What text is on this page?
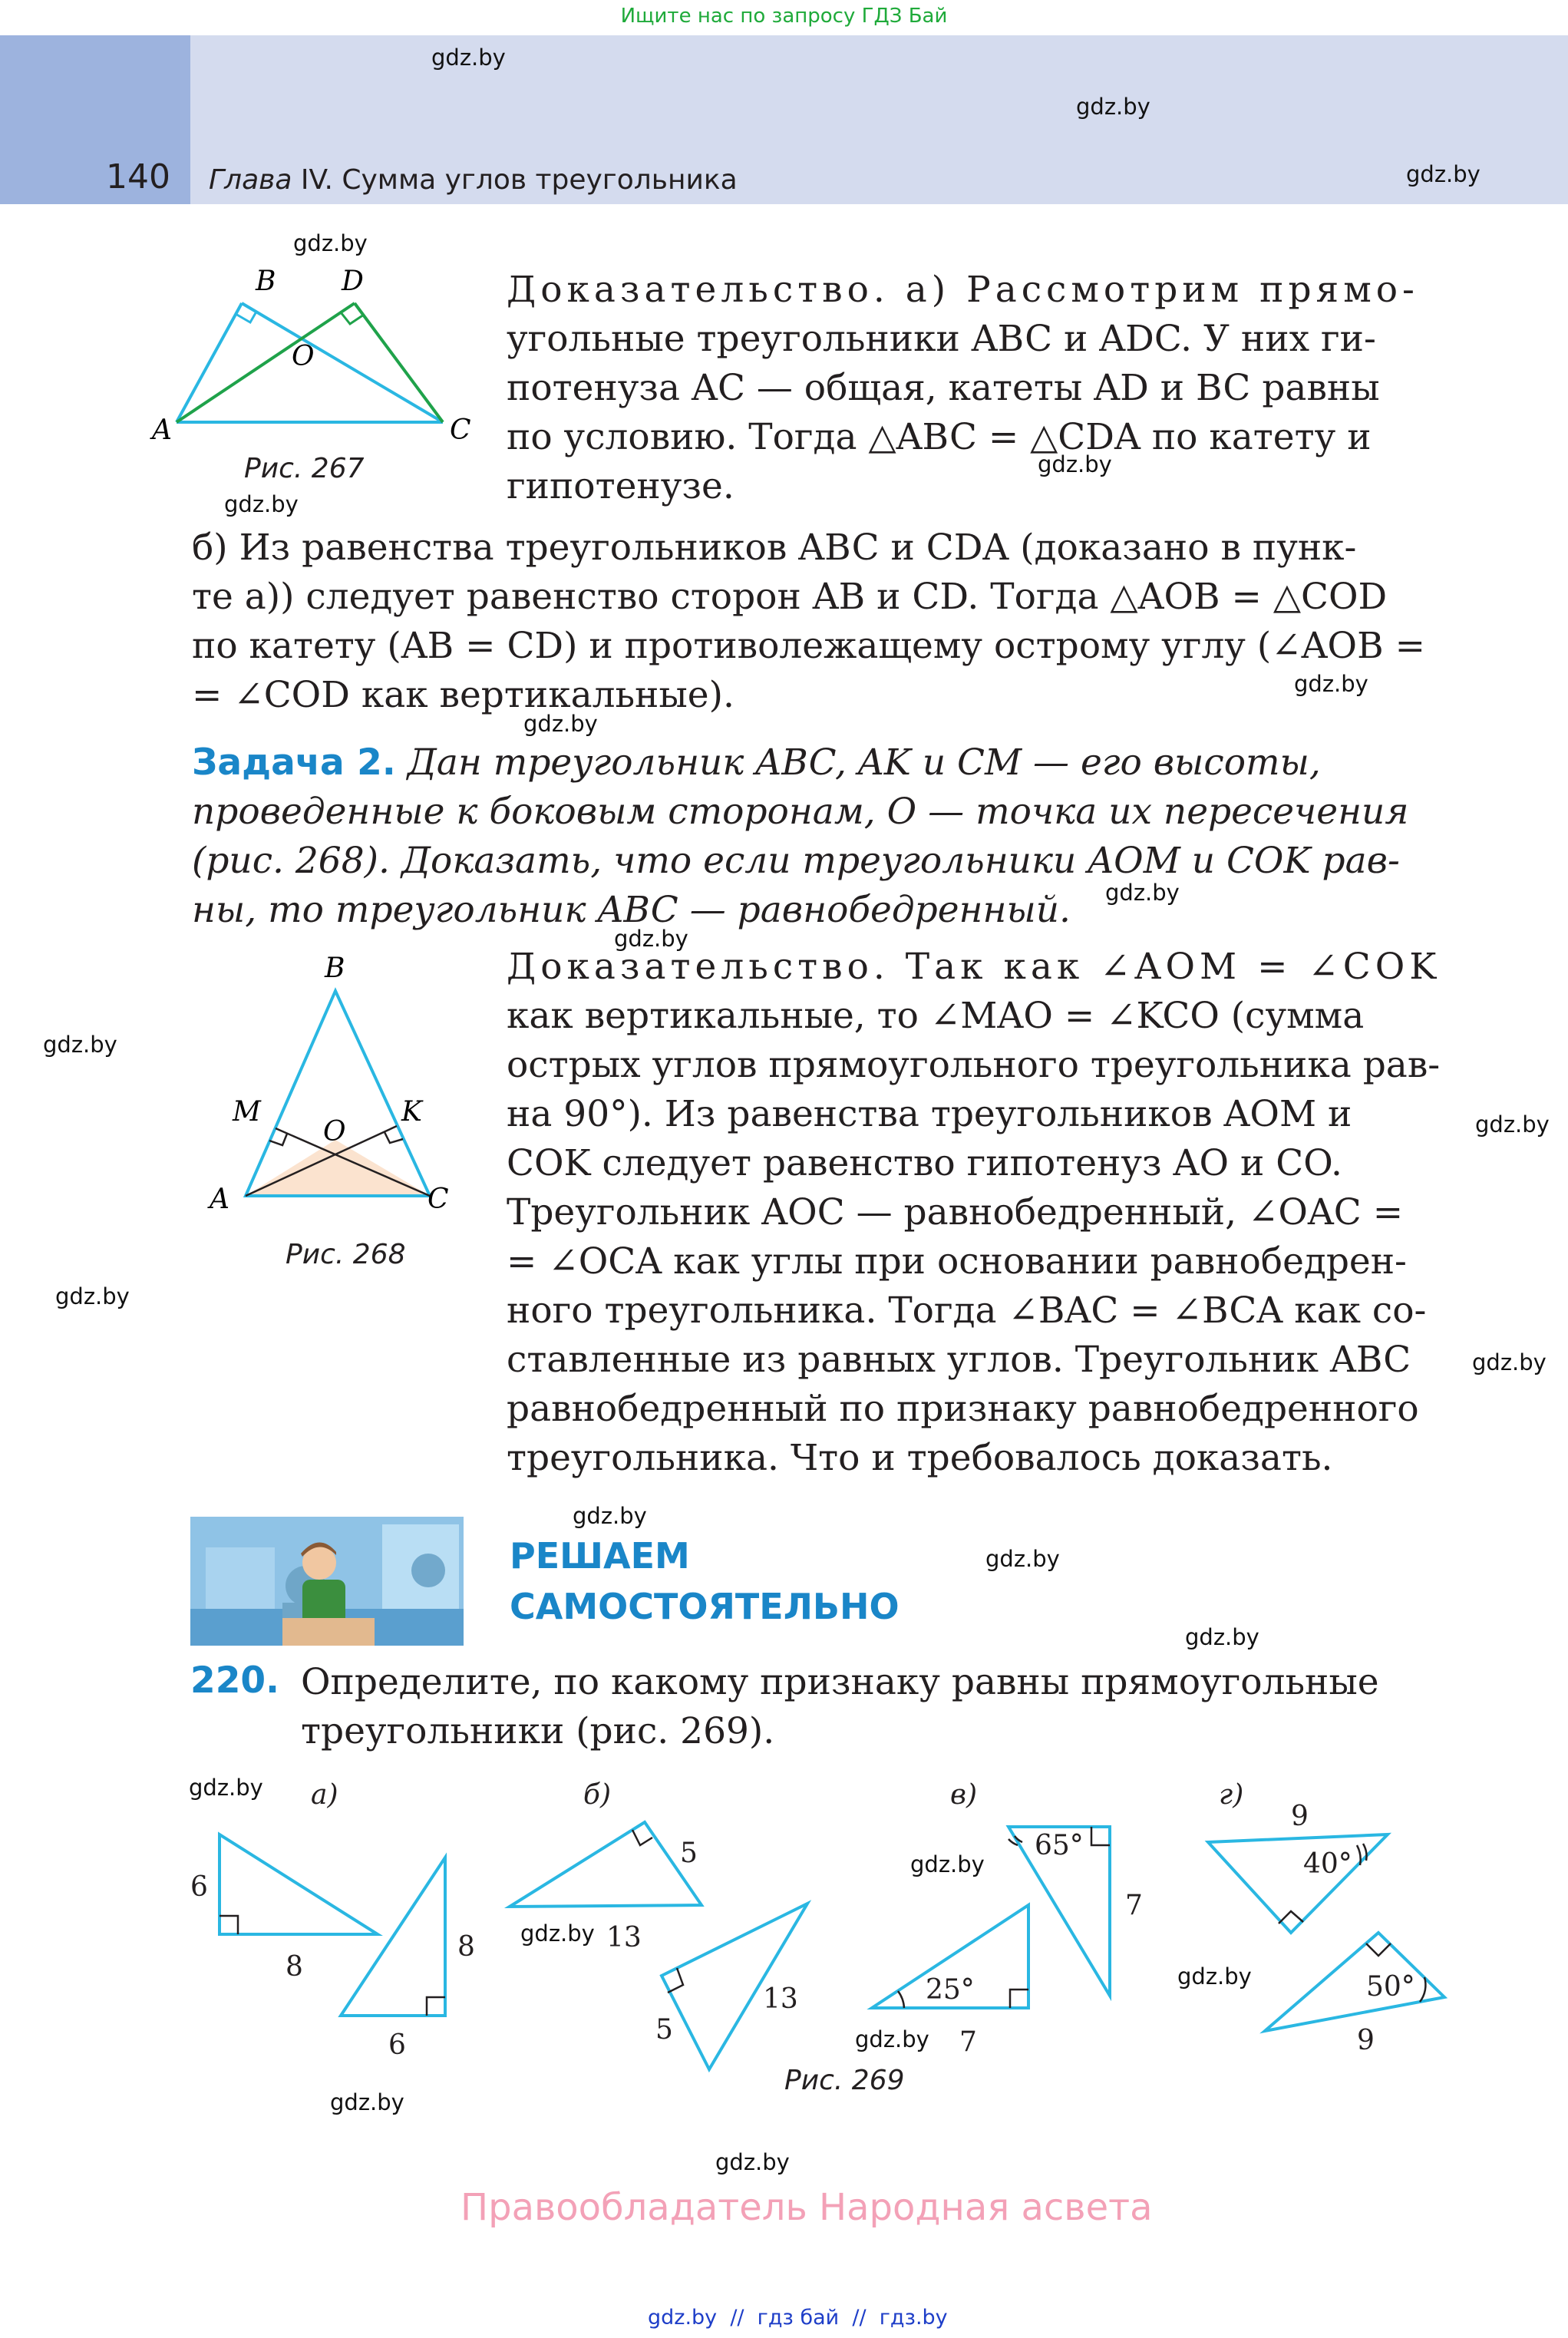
Ищите нас по запросу ГДЗ Бай
140 Глава IV. Сумма углов треугольника
gdz.by
gdz.by
gdz.by
gdz.by
gdz.by
gdz.by
gdz.by
gdz.by
gdz.by
gdz.by
gdz.by
gdz.by
gdz.by
gdz.by
gdz.by
gdz.by
gdz.by
gdz.by
gdz.by
gdz.by
gdz.by
gdz.by
gdz.by
gdz.by
A
B
C
D
O
Рис. 267
Доказательство. а) Рассмотрим прямо-
угольные треугольники ABC и ADC. У них ги-
потенуза AC — общая, катеты AD и BC равны
по условию. Тогда △ABC = △CDA по катету и
гипотенузе.
б) Из равенства треугольников ABC и CDA (доказано в пунк-
те а)) следует равенство сторон AB и CD. Тогда △AOB = △COD
по катету (AB = CD) и противолежащему острому углу (∠AOB =
= ∠COD как вертикальные).
Задача 2. Дан треугольник ABC, AK и CM — его высоты,
проведенные к боковым сторонам, O — точка их пересечения
(рис. 268). Доказать, что если треугольники AOM и COK рав-
ны, то треугольник ABC — равнобедренный.
B
M	K
O
A	C
Рис. 268
Доказательство. Так как ∠AOM = ∠COK
как вертикальные, то ∠MAO = ∠KCO (сумма
острых углов прямоугольного треугольника рав-
на 90°). Из равенства треугольников AOM и
COK следует равенство гипотенуз AO и CO.
Треугольник AOC — равнобедренный, ∠OAC =
= ∠OCA как углы при основании равнобедрен-
ного треугольника. Тогда ∠BAC = ∠BCA как со-
ставленные из равных углов. Треугольник ABC
равнобедренный по признаку равнобедренного
треугольника. Что и требовалось доказать.
РЕШАЕМ
САМОСТОЯТЕЛЬНО
220. Определите, по какому признаку равны прямоугольные
треугольники (рис. 269).
а)	б)	в)	г)
6
8
8
6
5
13
5
13	25°
7
65°
7
9
40°
50°
9
Рис. 269
Правообладатель Народная асвета
gdz.by  //  гдз бай  //  гдз.by
